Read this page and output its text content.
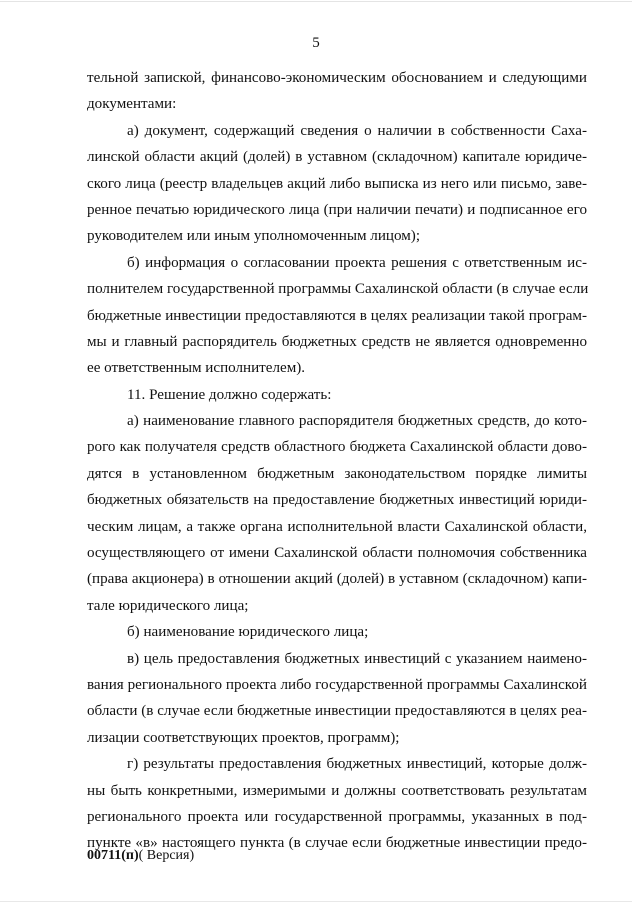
5
тельной запиской, финансово-экономическим обоснованием и следующими
документами:
а) документ, содержащий сведения о наличии в собственности Саха-
линской области акций (долей) в уставном (складочном) капитале юридиче-
ского лица (реестр владельцев акций либо выписка из него или письмо, заве-
ренное печатью юридического лица (при наличии печати) и подписанное его
руководителем или иным уполномоченным лицом);
б) информация о согласовании проекта решения с ответственным ис-
полнителем государственной программы Сахалинской области (в случае если
бюджетные инвестиции предоставляются в целях реализации такой програм-
мы и главный распорядитель бюджетных средств не является одновременно
ее ответственным исполнителем).
11. Решение должно содержать:
а) наименование главного распорядителя бюджетных средств, до кото-
рого как получателя средств областного бюджета Сахалинской области дово-
дятся в установленном бюджетным законодательством порядке лимиты
бюджетных обязательств на предоставление бюджетных инвестиций юриди-
ческим лицам, а также органа исполнительной власти Сахалинской области,
осуществляющего от имени Сахалинской области полномочия собственника
(права акционера) в отношении акций (долей) в уставном (складочном) капи-
тале юридического лица;
б) наименование юридического лица;
в) цель предоставления бюджетных инвестиций с указанием наимено-
вания регионального проекта либо государственной программы Сахалинской
области (в случае если бюджетные инвестиции предоставляются в целях реа-
лизации соответствующих проектов, программ);
г) результаты предоставления бюджетных инвестиций, которые долж-
ны быть конкретными, измеримыми и должны соответствовать результатам
регионального проекта или государственной программы, указанных в под-
пункте «в» настоящего пункта (в случае если бюджетные инвестиции предо-
00711(п)( Версия)
